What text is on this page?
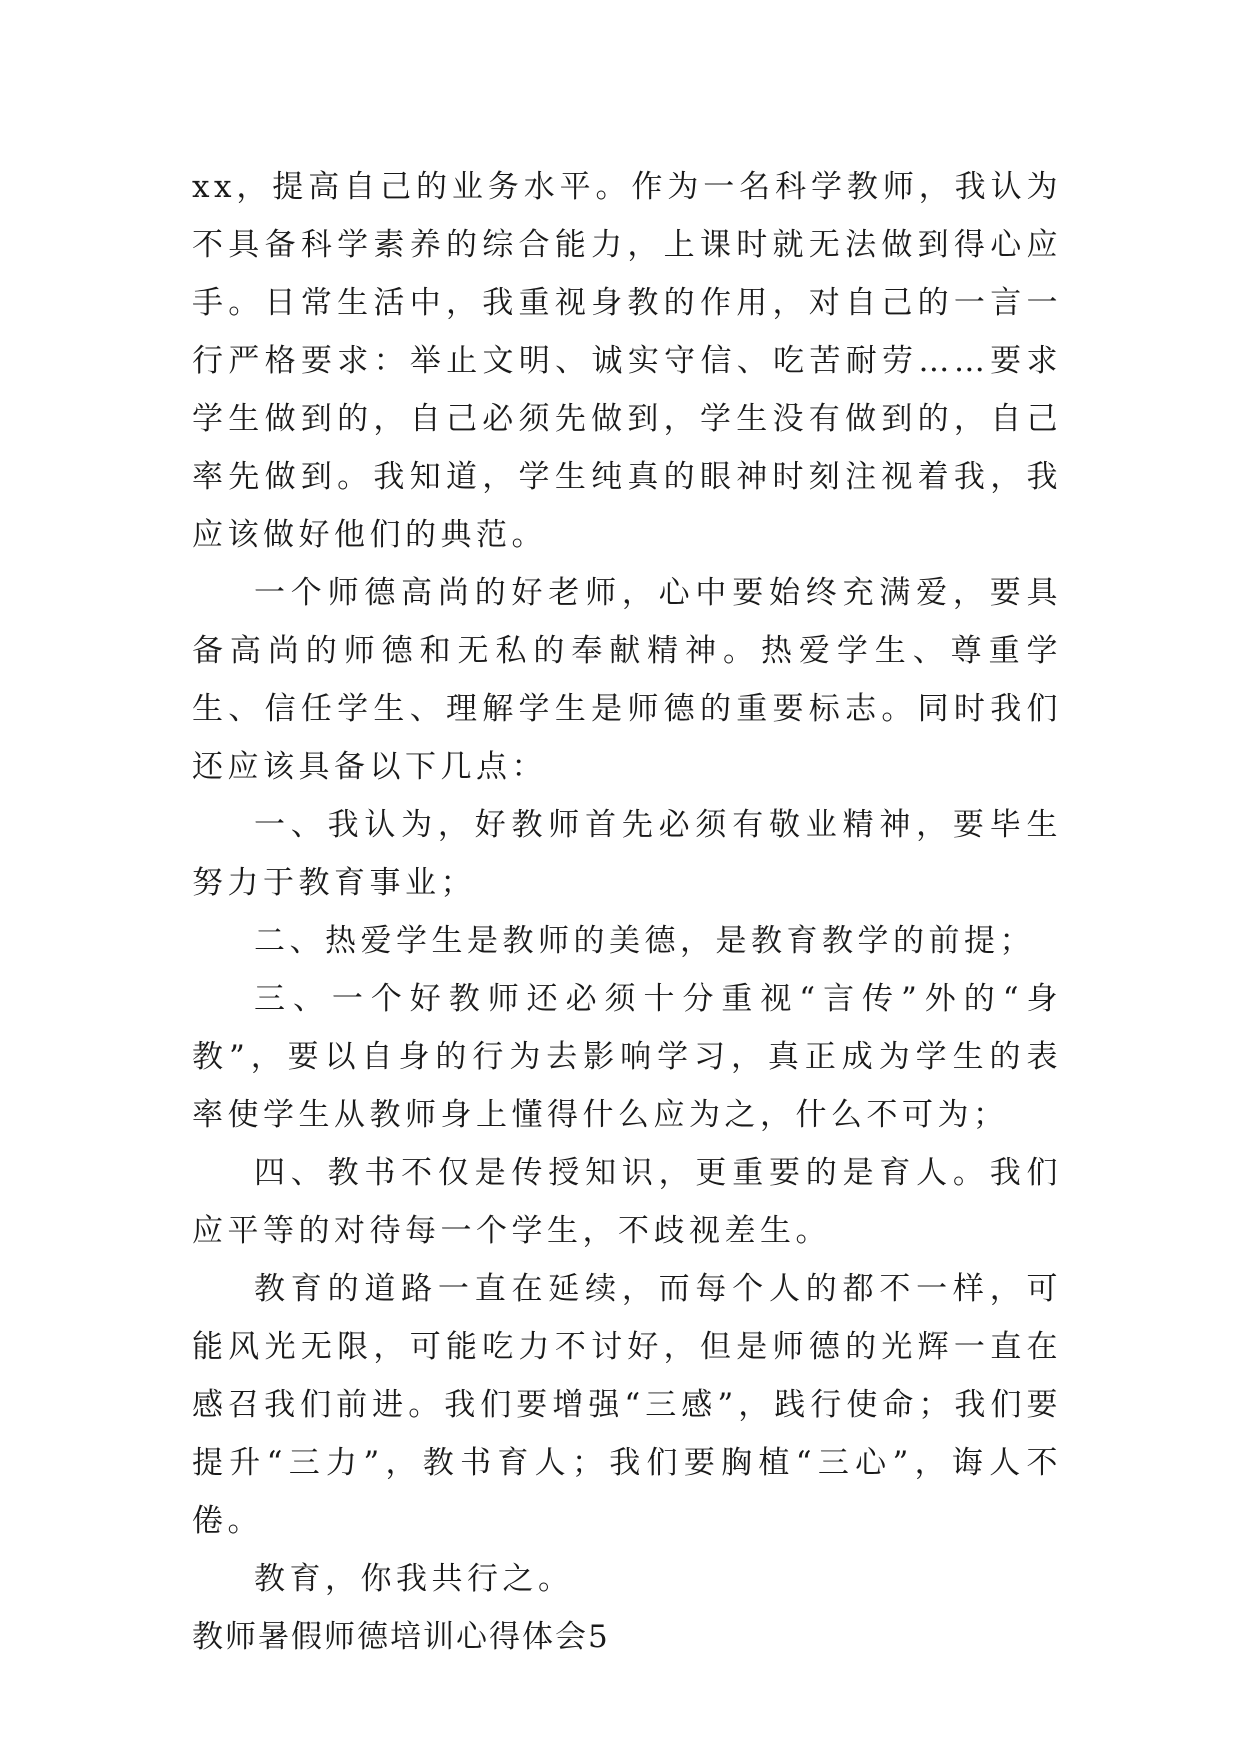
xx，提高自己的业务水平。作为一名科学教师，我认为不具备科学素养的综合能力，上课时就无法做到得心应手。日常生活中，我重视身教的作用，对自己的一言一行严格要求：举止文明、诚实守信、吃苦耐劳……要求学生做到的，自己必须先做到，学生没有做到的，自己率先做到。我知道，学生纯真的眼神时刻注视着我，我应该做好他们的典范。

一个师德高尚的好老师，心中要始终充满爱，要具备高尚的师德和无私的奉献精神。热爱学生、尊重学生、信任学生、理解学生是师德的重要标志。同时我们还应该具备以下几点：

一、我认为，好教师首先必须有敬业精神，要毕生努力于教育事业；

二、热爱学生是教师的美德，是教育教学的前提；

三、一个好教师还必须十分重视“言传”外的“身教”，要以自身的行为去影响学习，真正成为学生的表率使学生从教师身上懂得什么应为之，什么不可为；

四、教书不仅是传授知识，更重要的是育人。我们应平等的对待每一个学生，不歧视差生。

教育的道路一直在延续，而每个人的都不一样，可能风光无限，可能吃力不讨好，但是师德的光辉一直在感召我们前进。我们要增强“三感”，践行使命；我们要提升“三力”，教书育人；我们要胸植“三心”，诲人不倦。

教育，你我共行之。

教师暑假师德培训心得体会5
